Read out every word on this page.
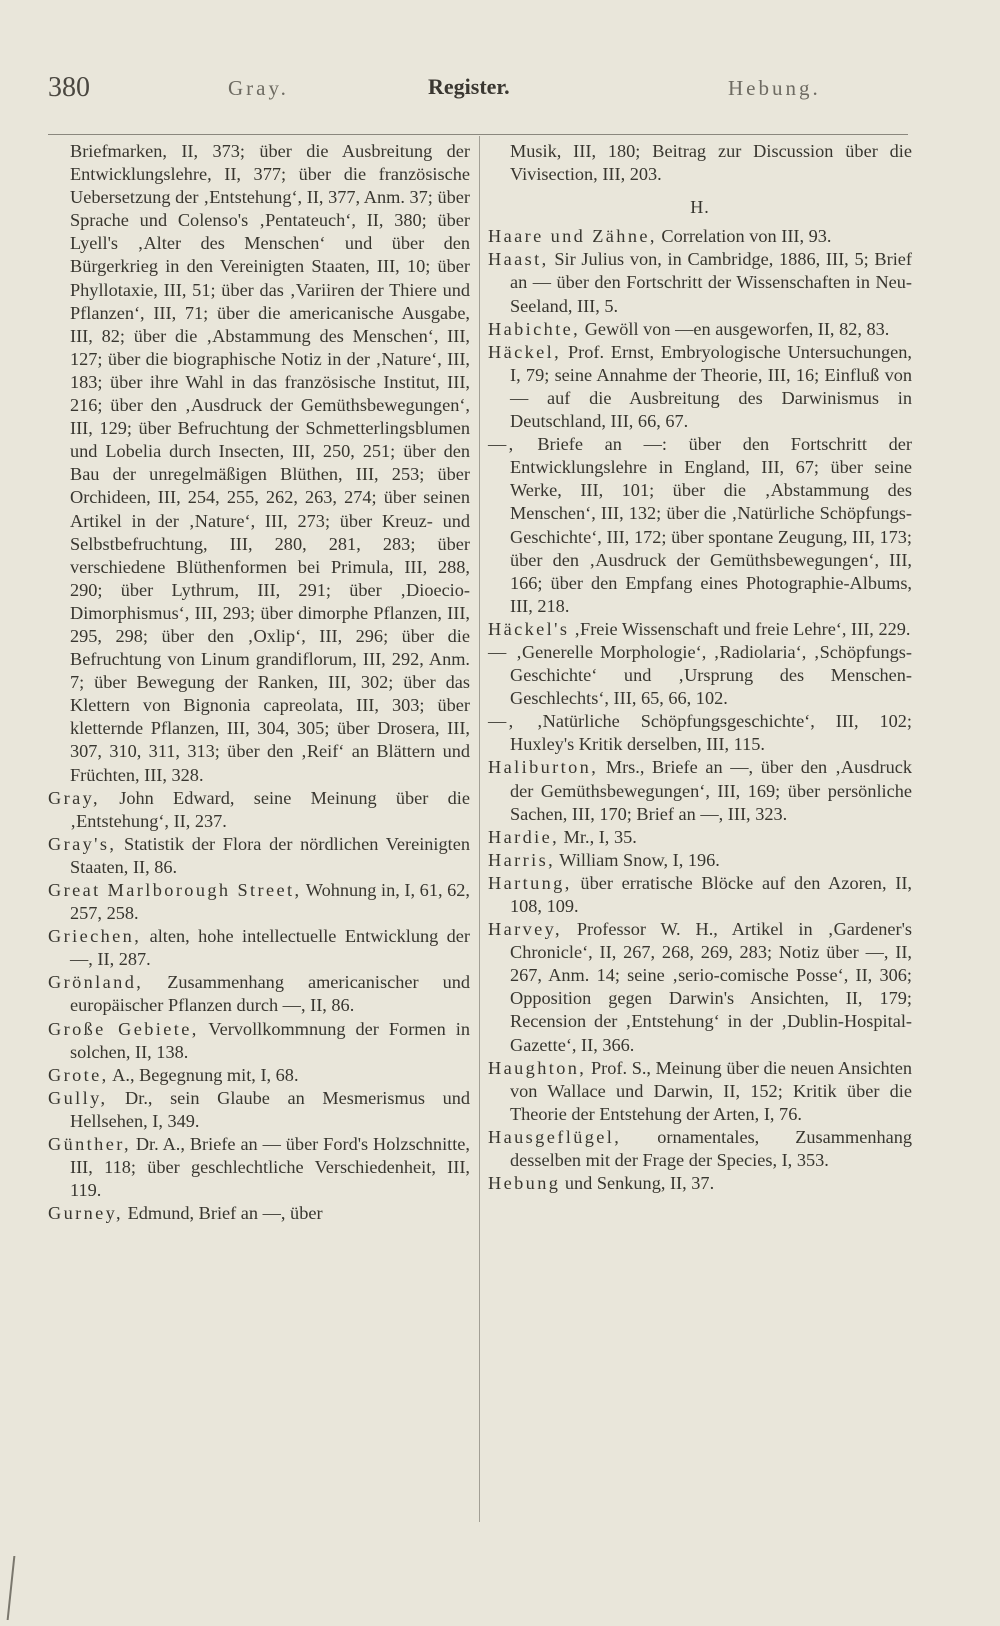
380	Gray.	Register.	Hebung.

Briefmarken, II, 373; über die Ausbreitung der Entwicklungslehre, II, 377; über die französische Uebersetzung der ‚Entstehung‘, II, 377, Anm. 37; über Sprache und Colenso's ‚Pentateuch‘, II, 380; über Lyell's ‚Alter des Menschen‘ und über den Bürgerkrieg in den Vereinigten Staaten, III, 10; über Phyllotaxie, III, 51; über das ‚Variiren der Thiere und Pflanzen‘, III, 71; über die americanische Ausgabe, III, 82; über die ‚Abstammung des Menschen‘, III, 127; über die biographische Notiz in der ‚Nature‘, III, 183; über ihre Wahl in das französische Institut, III, 216; über den ‚Ausdruck der Gemüthsbewegungen‘, III, 129; über Befruchtung der Schmetterlingsblumen und Lobelia durch Insecten, III, 250, 251; über den Bau der unregelmäßigen Blüthen, III, 253; über Orchideen, III, 254, 255, 262, 263, 274; über seinen Artikel in der ‚Nature‘, III, 273; über Kreuz- und Selbstbefruchtung, III, 280, 281, 283; über verschiedene Blüthenformen bei Primula, III, 288, 290; über Lythrum, III, 291; über ‚Dioecio-Dimorphismus‘, III, 293; über dimorphe Pflanzen, III, 295, 298; über den ‚Oxlip‘, III, 296; über die Befruchtung von Linum grandiflorum, III, 292, Anm. 7; über Bewegung der Ranken, III, 302; über das Klettern von Bignonia capreolata, III, 303; über kletternde Pflanzen, III, 304, 305; über Drosera, III, 307, 310, 311, 313; über den ‚Reif‘ an Blättern und Früchten, III, 328.

Gray, John Edward, seine Meinung über die ‚Entstehung‘, II, 237.

Gray's, Statistik der Flora der nördlichen Vereinigten Staaten, II, 86.

Great Marlborough Street, Wohnung in, I, 61, 62, 257, 258.

Griechen, alten, hohe intellectuelle Entwicklung der —, II, 287.

Grönland, Zusammenhang americanischer und europäischer Pflanzen durch —, II, 86.

Große Gebiete, Vervollkommnung der Formen in solchen, II, 138.

Grote, A., Begegnung mit, I, 68.

Gully, Dr., sein Glaube an Mesmerismus und Hellsehen, I, 349.

Günther, Dr. A., Briefe an — über Ford's Holzschnitte, III, 118; über geschlechtliche Verschiedenheit, III, 119.

Gurney, Edmund, Brief an —, über

Musik, III, 180; Beitrag zur Discussion über die Vivisection, III, 203.

H.

Haare und Zähne, Correlation von III, 93.

Haast, Sir Julius von, in Cambridge, 1886, III, 5; Brief an — über den Fortschritt der Wissenschaften in Neu-Seeland, III, 5.

Habichte, Gewöll von —en ausgeworfen, II, 82, 83.

Häckel, Prof. Ernst, Embryologische Untersuchungen, I, 79; seine Annahme der Theorie, III, 16; Einfluß von — auf die Ausbreitung des Darwinismus in Deutschland, III, 66, 67.

—, Briefe an —: über den Fortschritt der Entwicklungslehre in England, III, 67; über seine Werke, III, 101; über die ‚Abstammung des Menschen‘, III, 132; über die ‚Natürliche Schöpfungs-Geschichte‘, III, 172; über spontane Zeugung, III, 173; über den ‚Ausdruck der Gemüthsbewegungen‘, III, 166; über den Empfang eines Photographie-Albums, III, 218.

Häckel's ‚Freie Wissenschaft und freie Lehre‘, III, 229.

— ‚Generelle Morphologie‘, ‚Radiolaria‘, ‚Schöpfungs-Geschichte‘ und ‚Ursprung des Menschen-Geschlechts‘, III, 65, 66, 102.

—, ‚Natürliche Schöpfungsgeschichte‘, III, 102; Huxley's Kritik derselben, III, 115.

Haliburton, Mrs., Briefe an —, über den ‚Ausdruck der Gemüthsbewegungen‘, III, 169; über persönliche Sachen, III, 170; Brief an —, III, 323.

Hardie, Mr., I, 35.

Harris, William Snow, I, 196.

Hartung, über erratische Blöcke auf den Azoren, II, 108, 109.

Harvey, Professor W. H., Artikel in ‚Gardener's Chronicle‘, II, 267, 268, 269, 283; Notiz über —, II, 267, Anm. 14; seine ‚serio-comische Posse‘, II, 306; Opposition gegen Darwin's Ansichten, II, 179; Recension der ‚Entstehung‘ in der ‚Dublin-Hospital-Gazette‘, II, 366.

Haughton, Prof. S., Meinung über die neuen Ansichten von Wallace und Darwin, II, 152; Kritik über die Theorie der Entstehung der Arten, I, 76.

Hausgeflügel, ornamentales, Zusammenhang desselben mit der Frage der Species, I, 353.

Hebung und Senkung, II, 37.
